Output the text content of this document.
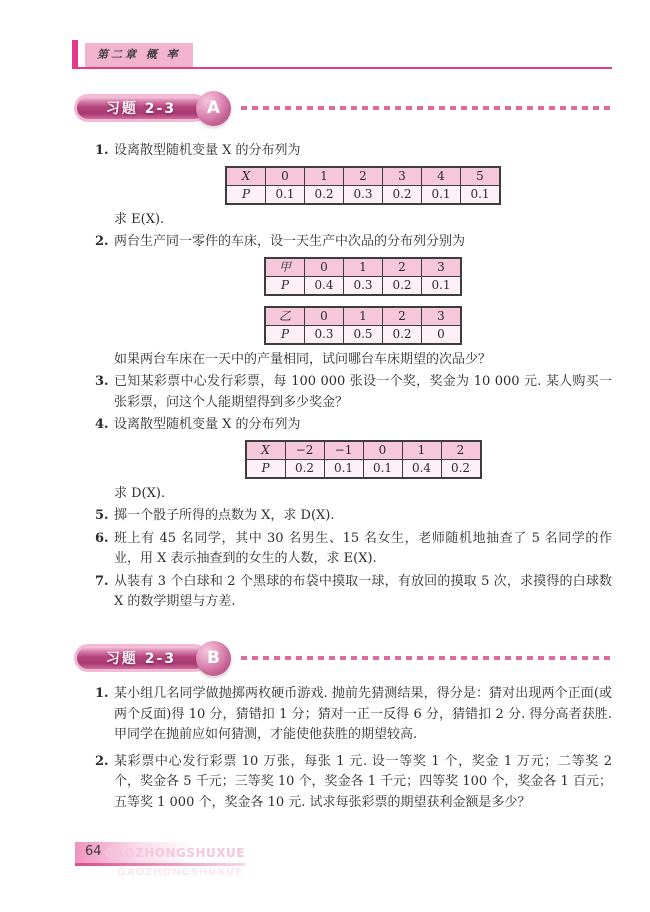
第二章 概 率
习题 2-3	A
1. 设离散型随机变量 X 的分布列为
X	0	1	2	3	4	5
P	0.1	0.2	0.3	0.2	0.1	0.1
求 E(X).
2. 两台生产同一零件的车床，设一天生产中次品的分布列分别为
甲	0	1	2	3
P	0.4	0.3	0.2	0.1
乙	0	1	2	3
P	0.3	0.5	0.2	0
如果两台车床在一天中的产量相同，试问哪台车床期望的次品少？
3. 已知某彩票中心发行彩票，每 100 000 张设一个奖，奖金为 10 000 元. 某人购买一张彩票，问这个人能期望得到多少奖金？
4. 设离散型随机变量 X 的分布列为
X	−2	−1	0	1	2
P	0.2	0.1	0.1	0.4	0.2
求 D(X).
5. 掷一个骰子所得的点数为 X，求 D(X).
6. 班上有 45 名同学，其中 30 名男生、15 名女生，老师随机地抽查了 5 名同学的作业，用 X 表示抽查到的女生的人数，求 E(X).
7. 从装有 3 个白球和 2 个黑球的布袋中摸取一球，有放回的摸取 5 次，求摸得的白球数 X 的数学期望与方差.
习题 2-3	B
1. 某小组几名同学做抛掷两枚硬币游戏. 抛前先猜测结果，得分是：猜对出现两个正面(或两个反面)得 10 分，猜错扣 1 分；猜对一正一反得 6 分，猜错扣 2 分. 得分高者获胜. 甲同学在抛前应如何猜测，才能使他获胜的期望较高.
2. 某彩票中心发行彩票 10 万张，每张 1 元. 设一等奖 1 个，奖金 1 万元；二等奖 2 个，奖金各 5 千元；三等奖 10 个，奖金各 1 千元；四等奖 100 个，奖金各 1 百元；五等奖 1 000 个，奖金各 10 元. 试求每张彩票的期望获利金额是多少？
64 GAOZHONGSHUXUE
GAOZHONGSHUXUE
